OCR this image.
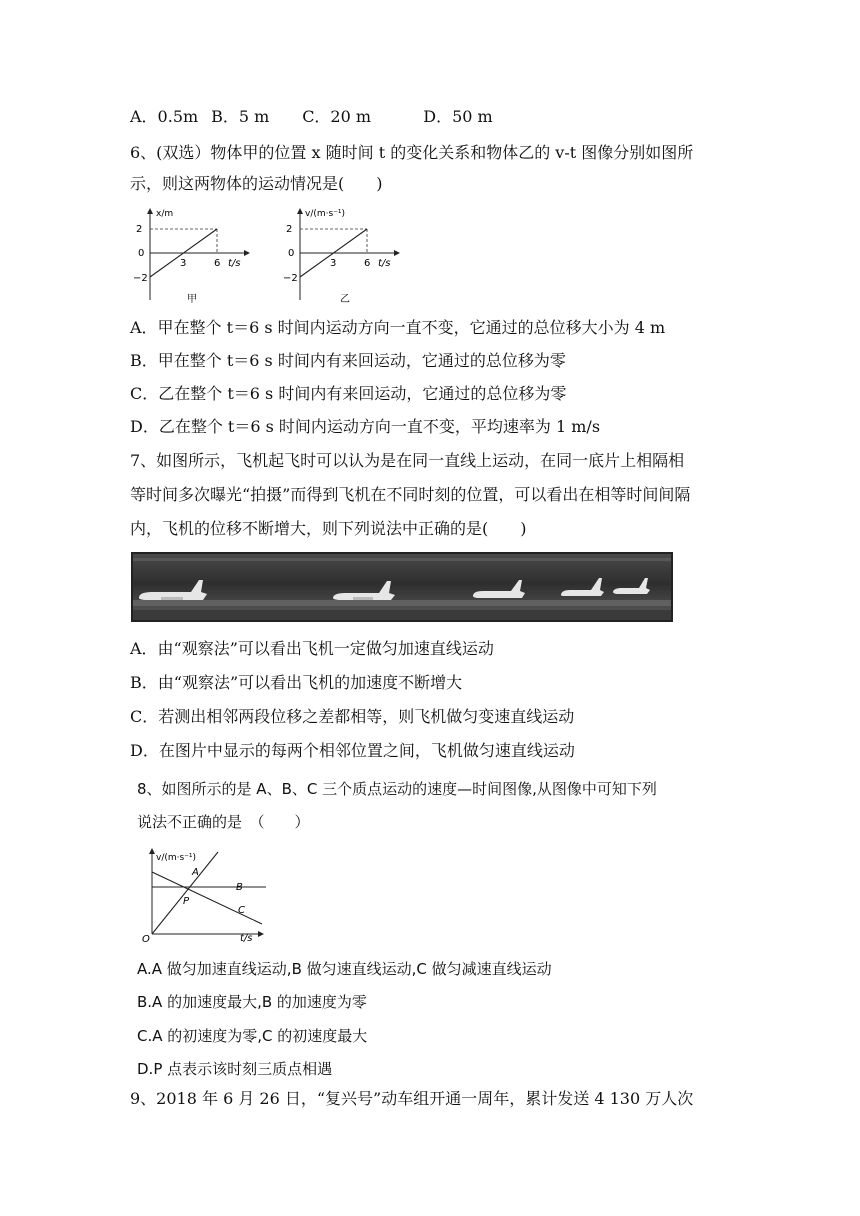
A．0.5m B．5 m C．20 m	D．50 m
6、(双选）物体甲的位置 x 随时间 t 的变化关系和物体乙的 v-t 图像分别如图所
示，则这两物体的运动情况是(　　)
x/m
2
0
−2
3	6 t/s
甲
v/(m·s⁻¹)
2
0
−2
3	6 t/s
乙
A．甲在整个 t＝6 s 时间内运动方向一直不变，它通过的总位移大小为 4 m
B．甲在整个 t＝6 s 时间内有来回运动，它通过的总位移为零
C．乙在整个 t＝6 s 时间内有来回运动，它通过的总位移为零
D．乙在整个 t＝6 s 时间内运动方向一直不变，平均速率为 1 m/s
7、如图所示，飞机起飞时可以认为是在同一直线上运动，在同一底片上相隔相
等时间多次曝光“拍摄”而得到飞机在不同时刻的位置，可以看出在相等时间间隔
内，飞机的位移不断增大，则下列说法中正确的是(　　)
A．由“观察法”可以看出飞机一定做匀加速直线运动
B．由“观察法”可以看出飞机的加速度不断增大
C．若测出相邻两段位移之差都相等，则飞机做匀变速直线运动
D．在图片中显示的每两个相邻位置之间，飞机做匀速直线运动
8、如图所示的是 A、B、C 三个质点运动的速度—时间图像,从图像中可知下列
说法不正确的是　（　　）
v/(m·s⁻¹)
t/s
O
A
B
C
P
A.A 做匀加速直线运动,B 做匀速直线运动,C 做匀减速直线运动
B.A 的加速度最大,B 的加速度为零
C.A 的初速度为零,C 的初速度最大
D.P 点表示该时刻三质点相遇
9、2018 年 6 月 26 日，“复兴号”动车组开通一周年，累计发送 4 130 万人次
